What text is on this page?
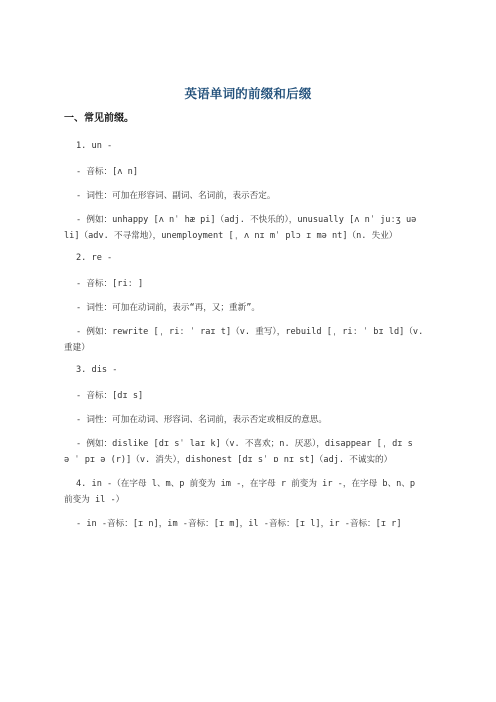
英语单词的前缀和后缀
一、常见前缀。
1. un -
- 音标：[ʌ n]
- 词性：可加在形容词、副词、名词前，表示否定。
- 例如：unhappy [ʌ nˈ hæ pi]（adj. 不快乐的），unusually [ʌ nˈ juːʒ uə
li]（adv. 不寻常地），unemployment [ˌ ʌ nɪ mˈ plɔ ɪ mə nt]（n. 失业）
2. re -
- 音标：[riː ]
- 词性：可加在动词前，表示“再，又；重新”。
- 例如：rewrite [ˌ riː ˈ raɪ t]（v. 重写），rebuild [ˌ riː ˈ bɪ ld]（v.
重建）
3. dis -
- 音标：[dɪ s]
- 词性：可加在动词、形容词、名词前，表示否定或相反的意思。
- 例如：dislike [dɪ sˈ laɪ k]（v. 不喜欢；n. 厌恶），disappear [ˌ dɪ s
ə ˈ pɪ ə (r)]（v. 消失），dishonest [dɪ sˈ ɒ nɪ st]（adj. 不诚实的）
4. in -（在字母 l、m、p 前变为 im -，在字母 r 前变为 ir -，在字母 b、n、p
前变为 il -）
- in -音标：[ɪ n]，im -音标：[ɪ m]，il -音标：[ɪ l]，ir -音标：[ɪ r]
